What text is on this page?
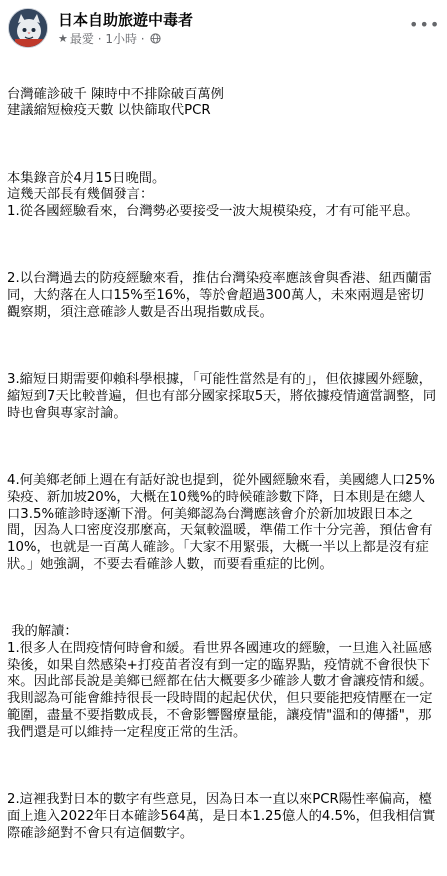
日本自助旅遊中毒者
★ 最愛 · 1小時 ·
•••

台灣確診破千 陳時中不排除破百萬例
建議縮短檢疫天數 以快篩取代PCR

本集錄音於4月15日晚間。
這幾天部長有幾個發言：
1.從各國經驗看來，台灣勢必要接受一波大規模染疫，才有可能平息。

2.以台灣過去的防疫經驗來看，推估台灣染疫率應該會與香港、紐西蘭雷同，大約落在人口15%至16%，等於會超過300萬人，未來兩週是密切觀察期，須注意確診人數是否出現指數成長。

3.縮短日期需要仰賴科學根據，「可能性當然是有的」，但依據國外經驗，縮短到7天比較普遍，但也有部分國家採取5天，將依據疫情適當調整，同時也會與專家討論。

4.何美鄉老師上週在有話好說也提到，從外國經驗來看，美國總人口25%染疫、新加坡20%，大概在10幾%的時候確診數下降，日本則是在總人口3.5%確診時逐漸下滑。何美鄉認為台灣應該會介於新加坡跟日本之間，因為人口密度沒那麼高，天氣較溫暖，準備工作十分完善，預估會有10%，也就是一百萬人確診。「大家不用緊張，大概一半以上都是沒有症狀。」她強調，不要去看確診人數，而要看重症的比例。

我的解讀：
1.很多人在問疫情何時會和緩。看世界各國連攻的經驗，一旦進入社區感染後，如果自然感染+打疫苗者沒有到一定的臨界點，疫情就不會很快下來。因此部長說是美鄉已經都在估大概要多少確診人數才會讓疫情和緩。我則認為可能會維持很長一段時間的起起伏伏，但只要能把疫情壓在一定範圍，盡量不要指數成長，不會影響醫療量能，讓疫情"溫和的傳播"，那我們還是可以維持一定程度正常的生活。

2.這裡我對日本的數字有些意見，因為日本一直以來PCR陽性率偏高，檯面上進入2022年日本確診564萬，是日本1.25億人的4.5%，但我相信實際確診絕對不會只有這個數字。
